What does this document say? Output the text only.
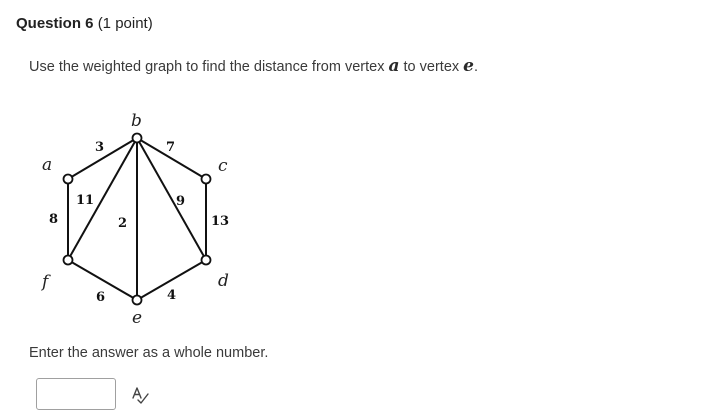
Question 6 (1 point)
Use the weighted graph to find the distance from vertex a to vertex e.
a
b
c
d
e
f
3	7
8
11
2
9
13
6	4
Enter the answer as a whole number.
